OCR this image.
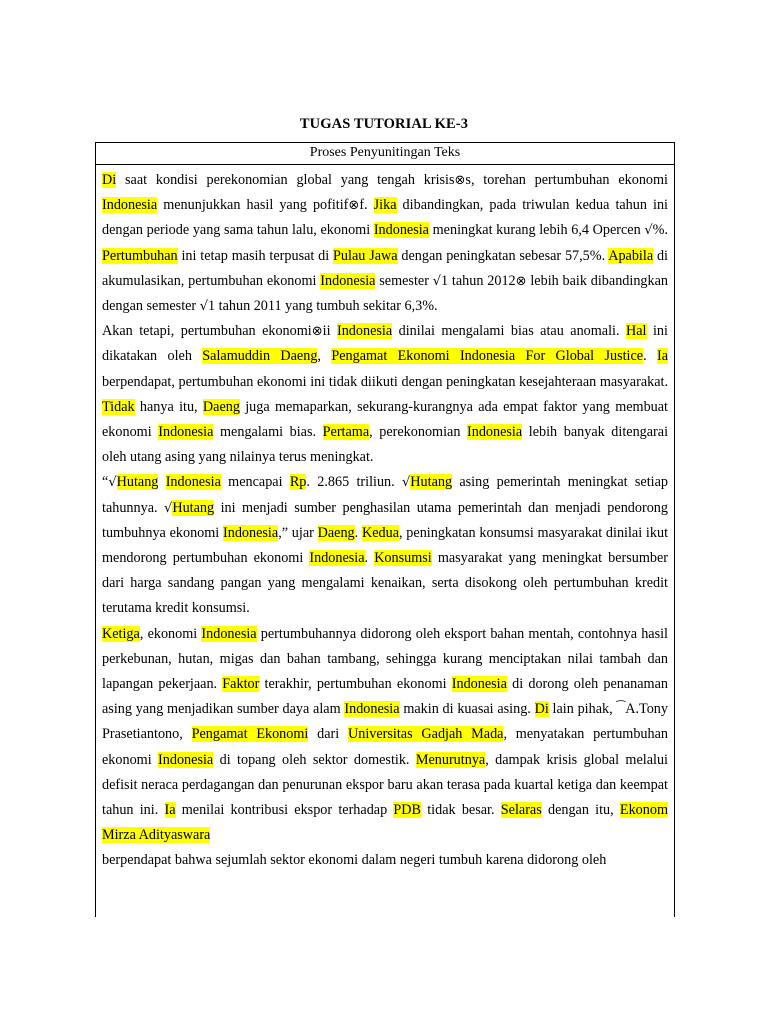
TUGAS TUTORIAL KE-3
Proses Penyunitingan Teks

Di saat kondisi perekonomian global yang tengah krisis⊗s, torehan pertumbuhan ekonomi Indonesia menunjukkan hasil yang pofitif⊗f. Jika dibandingkan, pada triwulan kedua tahun ini dengan periode yang sama tahun lalu, ekonomi Indonesia meningkat kurang lebih 6,4 Opercen √%. Pertumbuhan ini tetap masih terpusat di Pulau Jawa dengan peningkatan sebesar 57,5%. Apabila di akumulasikan, pertumbuhan ekonomi Indonesia semester √1 tahun 2012⊗ lebih baik dibandingkan dengan semester √1 tahun 2011 yang tumbuh sekitar 6,3%.

Akan tetapi, pertumbuhan ekonomi⊗ii Indonesia dinilai mengalami bias atau anomali. Hal ini dikatakan oleh Salamuddin Daeng, Pengamat Ekonomi Indonesia For Global Justice. Ia berpendapat, pertumbuhan ekonomi ini tidak diikuti dengan peningkatan kesejahteraan masyarakat. Tidak hanya itu, Daeng juga memaparkan, sekurang-kurangnya ada empat faktor yang membuat ekonomi Indonesia mengalami bias. Pertama, perekonomian Indonesia lebih banyak ditengarai oleh utang asing yang nilainya terus meningkat.

“√Hutang Indonesia mencapai Rp. 2.865 triliun. √Hutang asing pemerintah meningkat setiap tahunnya. √Hutang ini menjadi sumber penghasilan utama pemerintah dan menjadi pendorong tumbuhnya ekonomi Indonesia,” ujar Daeng. Kedua, peningkatan konsumsi masyarakat dinilai ikut mendorong pertumbuhan ekonomi Indonesia. Konsumsi masyarakat yang meningkat bersumber dari harga sandang pangan yang mengalami kenaikan, serta disokong oleh pertumbuhan kredit terutama kredit konsumsi.

Ketiga, ekonomi Indonesia pertumbuhannya didorong oleh eksport bahan mentah, contohnya hasil perkebunan, hutan, migas dan bahan tambang, sehingga kurang menciptakan nilai tambah dan lapangan pekerjaan. Faktor terakhir, pertumbuhan ekonomi Indonesia di dorong oleh penanaman asing yang menjadikan sumber daya alam Indonesia makin di kuasai asing. Di lain pihak, ⁀A.Tony Prasetiantono, Pengamat Ekonomi dari Universitas Gadjah Mada, menyatakan pertumbuhan ekonomi Indonesia di topang oleh sektor domestik. Menurutnya, dampak krisis global melalui defisit neraca perdagangan dan penurunan ekspor baru akan terasa pada kuartal ketiga dan keempat tahun ini. Ia menilai kontribusi ekspor terhadap PDB tidak besar. Selaras dengan itu, Ekonom Mirza Adityaswara

berpendapat bahwa sejumlah sektor ekonomi dalam negeri tumbuh karena didorong oleh
